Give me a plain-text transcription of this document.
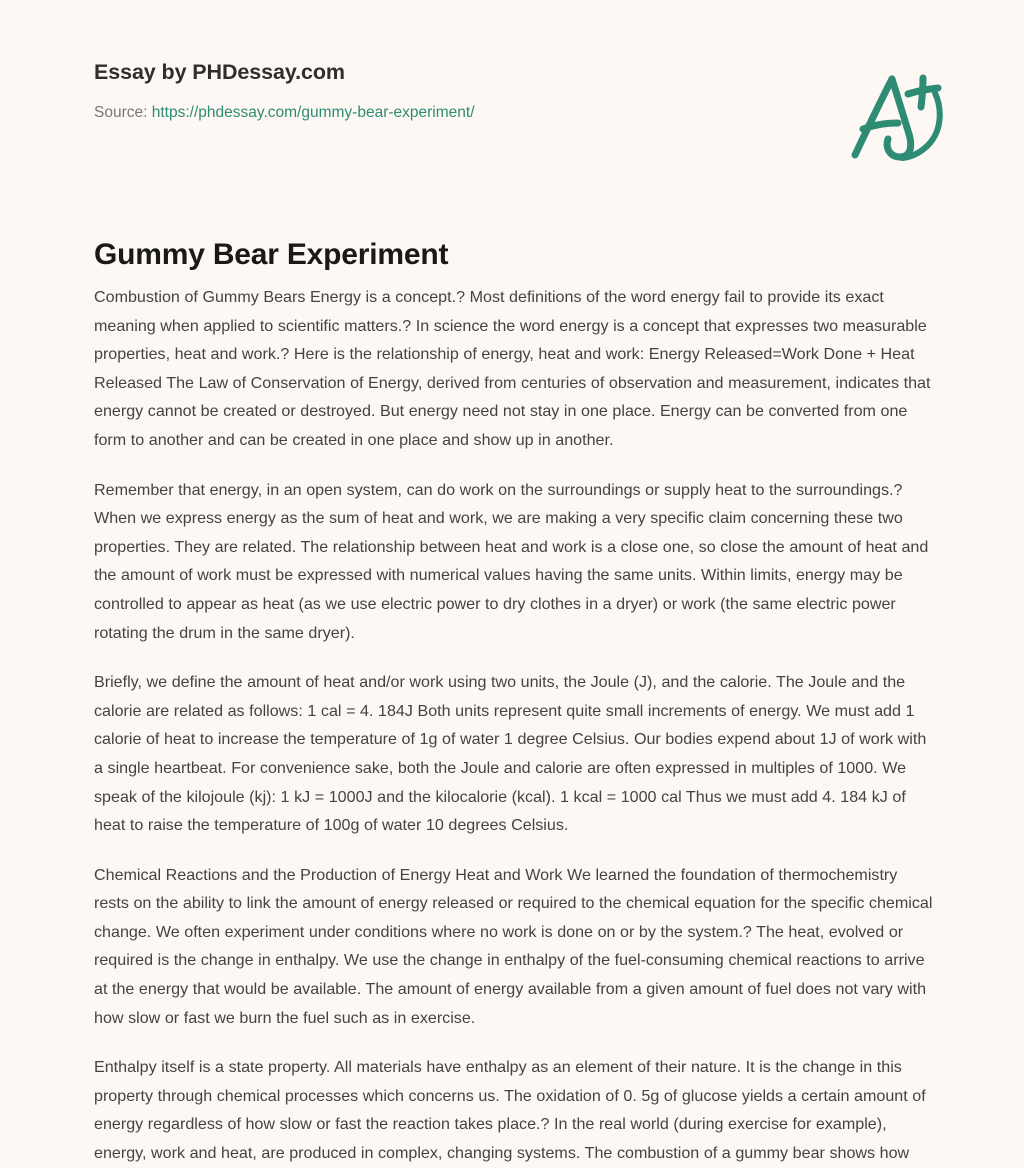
Essay by PHDessay.com
Source: https://phdessay.com/gummy-bear-experiment/
Gummy Bear Experiment

Combustion of Gummy Bears Energy is a concept.? Most definitions of the word energy fail to provide its exact meaning when applied to scientific matters.? In science the word energy is a concept that expresses two measurable properties, heat and work.? Here is the relationship of energy, heat and work: Energy Released=Work Done + Heat Released The Law of Conservation of Energy, derived from centuries of observation and measurement, indicates that energy cannot be created or destroyed. But energy need not stay in one place. Energy can be converted from one form to another and can be created in one place and show up in another.

Remember that energy, in an open system, can do work on the surroundings or supply heat to the surroundings.? When we express energy as the sum of heat and work, we are making a very specific claim concerning these two properties. They are related. The relationship between heat and work is a close one, so close the amount of heat and the amount of work must be expressed with numerical values having the same units. Within limits, energy may be controlled to appear as heat (as we use electric power to dry clothes in a dryer) or work (the same electric power rotating the drum in the same dryer).

Briefly, we define the amount of heat and/or work using two units, the Joule (J), and the calorie. The Joule and the calorie are related as follows: 1 cal = 4. 184J Both units represent quite small increments of energy. We must add 1 calorie of heat to increase the temperature of 1g of water 1 degree Celsius. Our bodies expend about 1J of work with a single heartbeat. For convenience sake, both the Joule and calorie are often expressed in multiples of 1000. We speak of the kilojoule (kj): 1 kJ = 1000J and the kilocalorie (kcal). 1 kcal = 1000 cal Thus we must add 4. 184 kJ of heat to raise the temperature of 100g of water 10 degrees Celsius.

Chemical Reactions and the Production of Energy Heat and Work We learned the foundation of thermochemistry rests on the ability to link the amount of energy released or required to the chemical equation for the specific chemical change. We often experiment under conditions where no work is done on or by the system.? The heat, evolved or required is the change in enthalpy. We use the change in enthalpy of the fuel-consuming chemical reactions to arrive at the energy that would be available. The amount of energy available from a given amount of fuel does not vary with how slow or fast we burn the fuel such as in exercise.

Enthalpy itself is a state property. All materials have enthalpy as an element of their nature. It is the change in this property through chemical processes which concerns us. The oxidation of 0. 5g of glucose yields a certain amount of energy regardless of how slow or fast the reaction takes place.? In the real world (during exercise for example), energy, work and heat, are produced in complex, changing systems. The combustion of a gummy bear shows how
